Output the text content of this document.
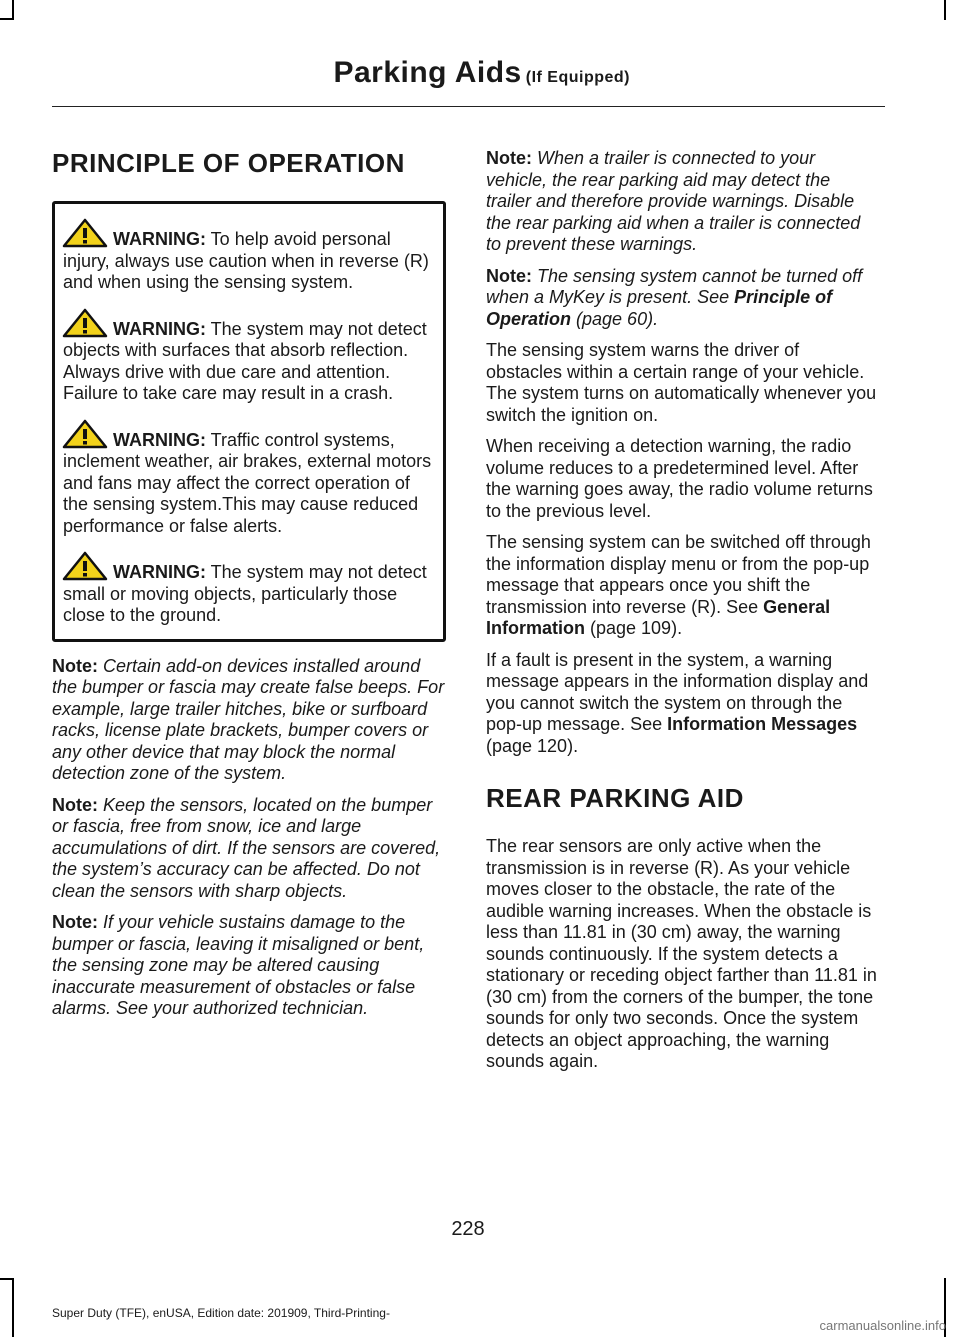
Parking Aids (If Equipped)
PRINCIPLE OF OPERATION
WARNING: To help avoid personal injury, always use caution when in reverse (R) and when using the sensing system.
WARNING: The system may not detect objects with surfaces that absorb reflection. Always drive with due care and attention. Failure to take care may result in a crash.
WARNING: Traffic control systems, inclement weather, air brakes, external motors and fans may affect the correct operation of the sensing system.This may cause reduced performance or false alerts.
WARNING: The system may not detect small or moving objects, particularly those close to the ground.

Note: Certain add-on devices installed around the bumper or fascia may create false beeps. For example, large trailer hitches, bike or surfboard racks, license plate brackets, bumper covers or any other device that may block the normal detection zone of the system.

Note: Keep the sensors, located on the bumper or fascia, free from snow, ice and large accumulations of dirt. If the sensors are covered, the system’s accuracy can be affected. Do not clean the sensors with sharp objects.

Note: If your vehicle sustains damage to the bumper or fascia, leaving it misaligned or bent, the sensing zone may be altered causing inaccurate measurement of obstacles or false alarms. See your authorized technician.

Note: When a trailer is connected to your vehicle, the rear parking aid may detect the trailer and therefore provide warnings. Disable the rear parking aid when a trailer is connected to prevent these warnings.

Note: The sensing system cannot be turned off when a MyKey is present. See Principle of Operation (page 60).

The sensing system warns the driver of obstacles within a certain range of your vehicle. The system turns on automatically whenever you switch the ignition on.

When receiving a detection warning, the radio volume reduces to a predetermined level. After the warning goes away, the radio volume returns to the previous level.

The sensing system can be switched off through the information display menu or from the pop-up message that appears once you shift the transmission into reverse (R). See General Information (page 109).

If a fault is present in the system, a warning message appears in the information display and you cannot switch the system on through the pop-up message. See Information Messages (page 120).

REAR PARKING AID

The rear sensors are only active when the transmission is in reverse (R). As your vehicle moves closer to the obstacle, the rate of the audible warning increases. When the obstacle is less than 11.81 in (30 cm) away, the warning sounds continuously. If the system detects a stationary or receding object farther than 11.81 in (30 cm) from the corners of the bumper, the tone sounds for only two seconds. Once the system detects an object approaching, the warning sounds again.

228
Super Duty (TFE), enUSA, Edition date: 201909, Third-Printing-
carmanualsonline.info
